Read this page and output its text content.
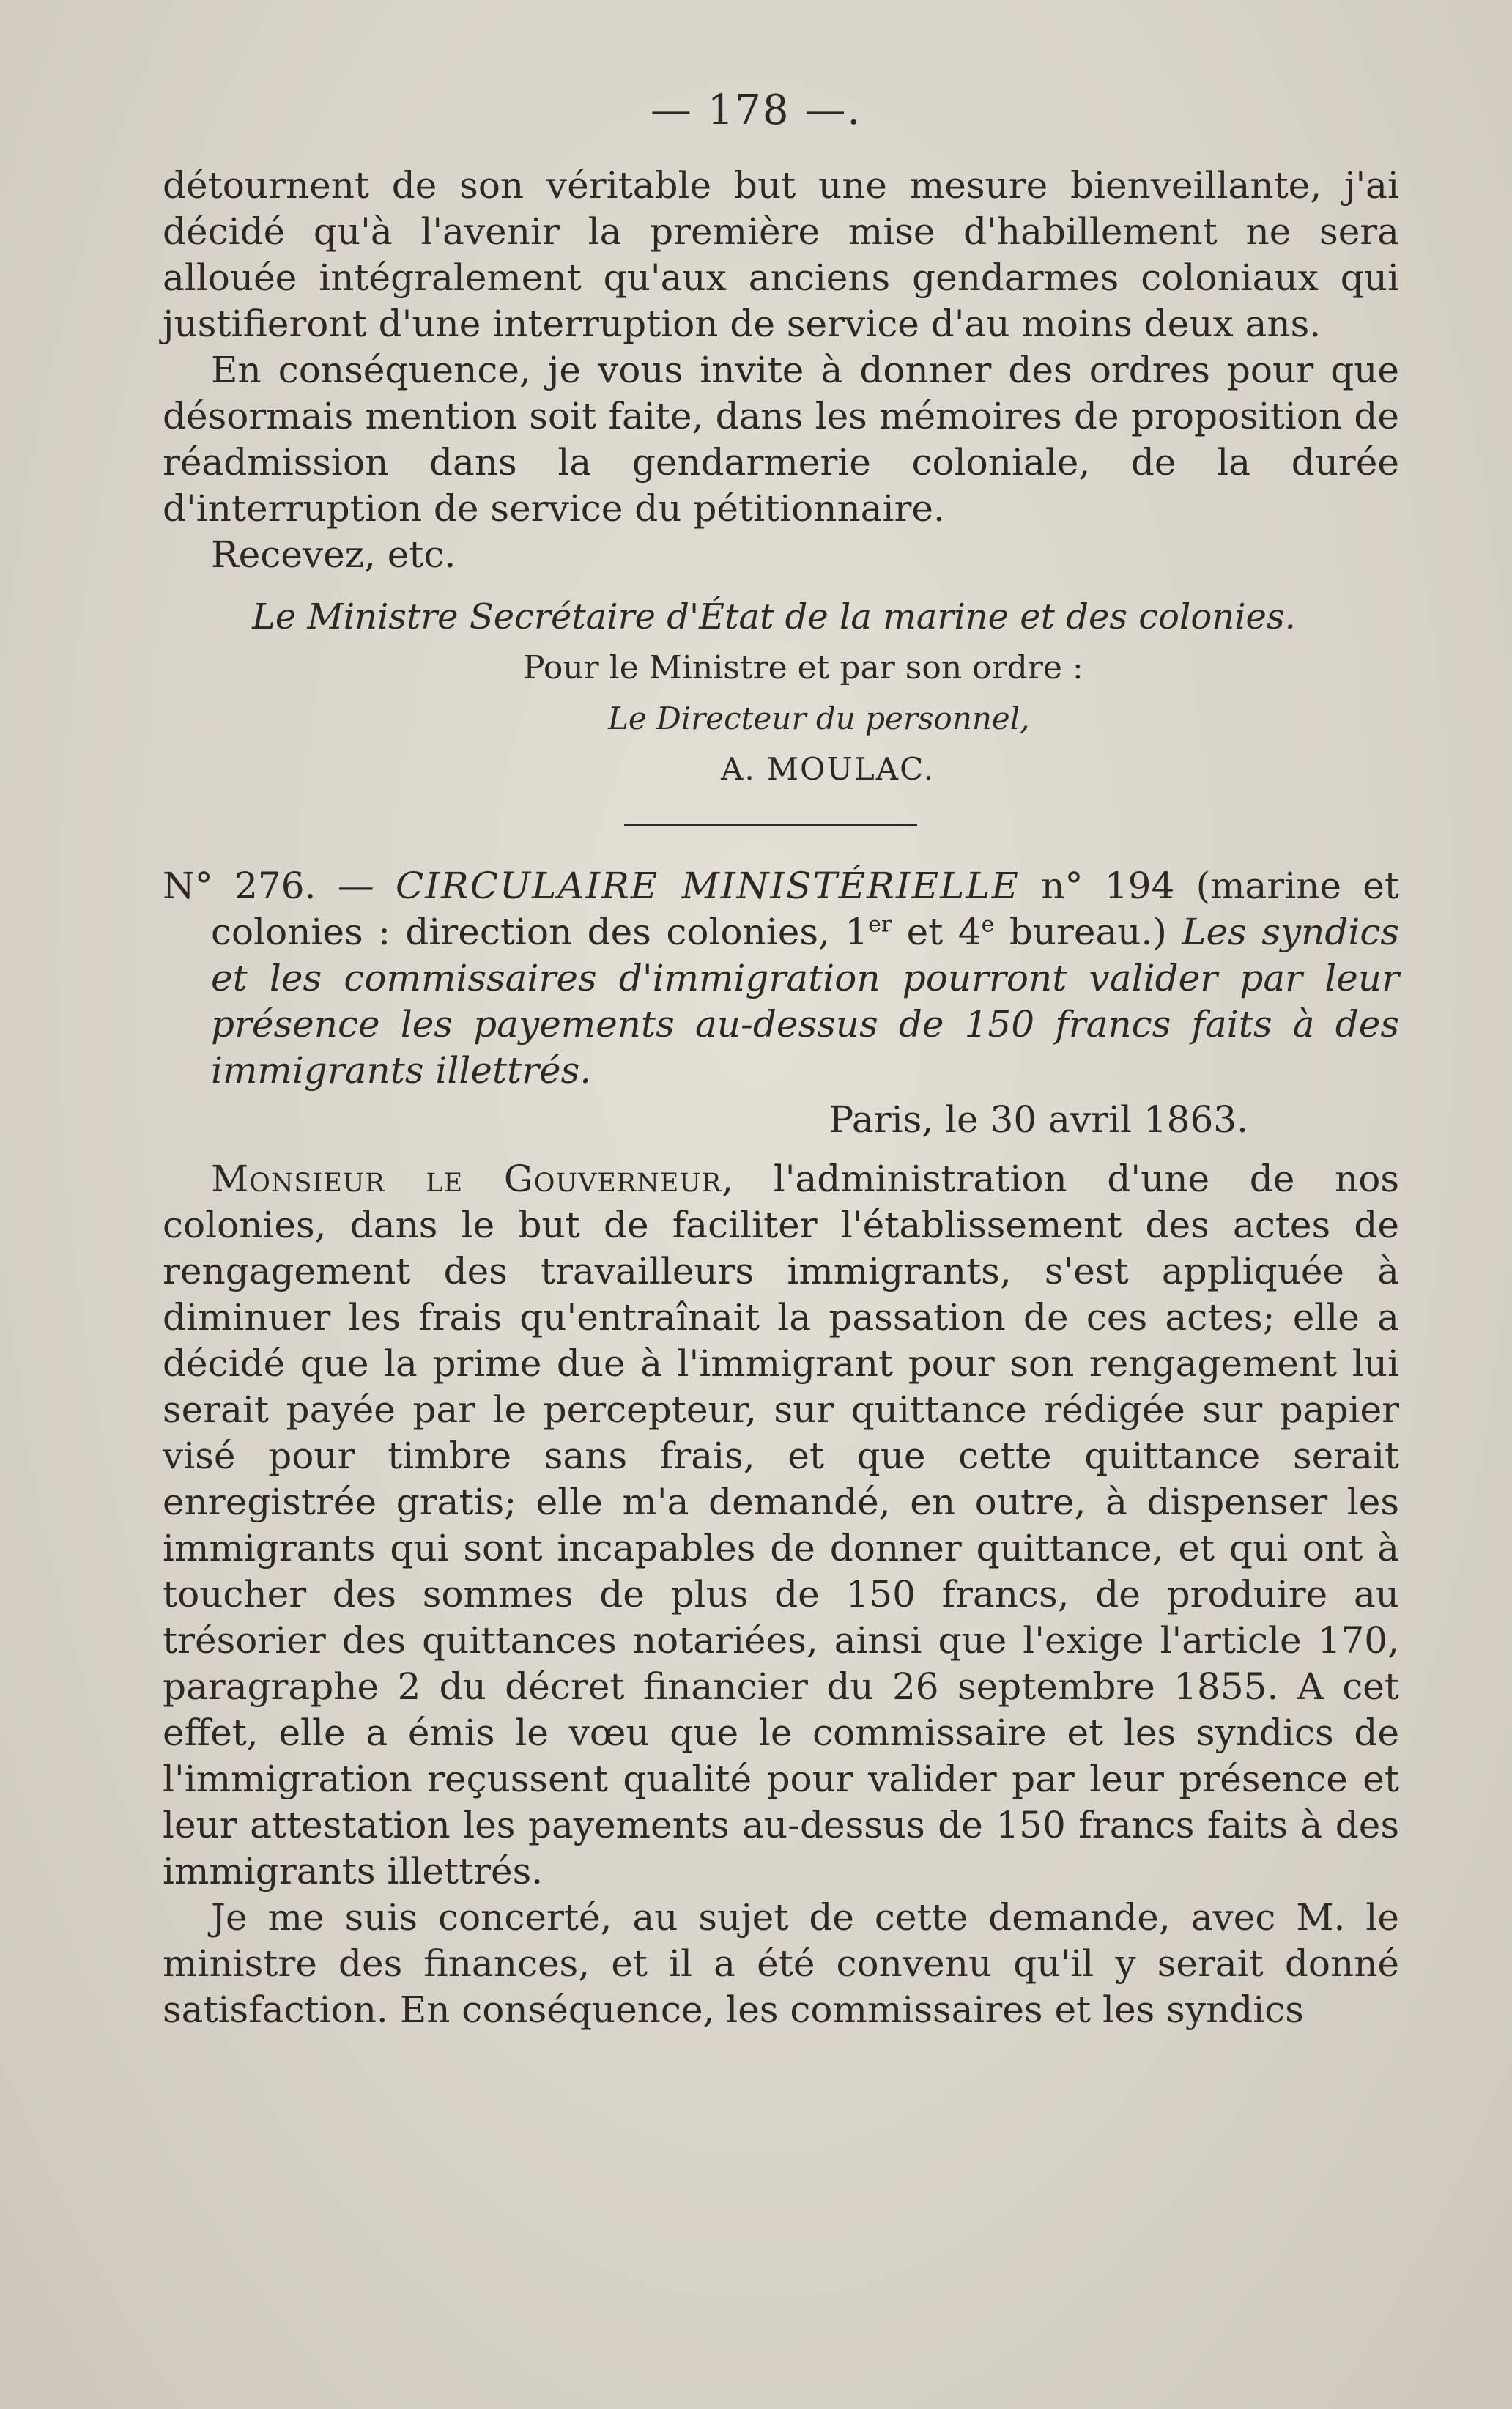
— 178 —.

détournent de son véritable but une mesure bienveillante, j'ai décidé qu'à l'avenir la première mise d'habillement ne sera allouée intégralement qu'aux anciens gendarmes coloniaux qui justifieront d'une interruption de service d'au moins deux ans.

En conséquence, je vous invite à donner des ordres pour que désormais mention soit faite, dans les mémoires de proposition de réadmission dans la gendarmerie coloniale, de la durée d'interruption de service du pétitionnaire.

Recevez, etc.

Le Ministre Secrétaire d'État de la marine et des colonies.

Pour le Ministre et par son ordre :

Le Directeur du personnel,

A. MOULAC.

N° 276. — CIRCULAIRE MINISTÉRIELLE n° 194 (marine et colonies : direction des colonies, 1er et 4e bureau.) Les syndics et les commissaires d'immigration pourront valider par leur présence les payements au-dessus de 150 francs faits à des immigrants illettrés.

Paris, le 30 avril 1863.

Monsieur le Gouverneur, l'administration d'une de nos colonies, dans le but de faciliter l'établissement des actes de rengagement des travailleurs immigrants, s'est appliquée à diminuer les frais qu'entraînait la passation de ces actes; elle a décidé que la prime due à l'immigrant pour son rengagement lui serait payée par le percepteur, sur quittance rédigée sur papier visé pour timbre sans frais, et que cette quittance serait enregistrée gratis; elle m'a demandé, en outre, à dispenser les immigrants qui sont incapables de donner quittance, et qui ont à toucher des sommes de plus de 150 francs, de produire au trésorier des quittances notariées, ainsi que l'exige l'article 170, paragraphe 2 du décret financier du 26 septembre 1855. A cet effet, elle a émis le vœu que le commissaire et les syndics de l'immigration reçussent qualité pour valider par leur présence et leur attestation les payements au-dessus de 150 francs faits à des immigrants illettrés.

Je me suis concerté, au sujet de cette demande, avec M. le ministre des finances, et il a été convenu qu'il y serait donné satisfaction. En conséquence, les commissaires et les syndics
